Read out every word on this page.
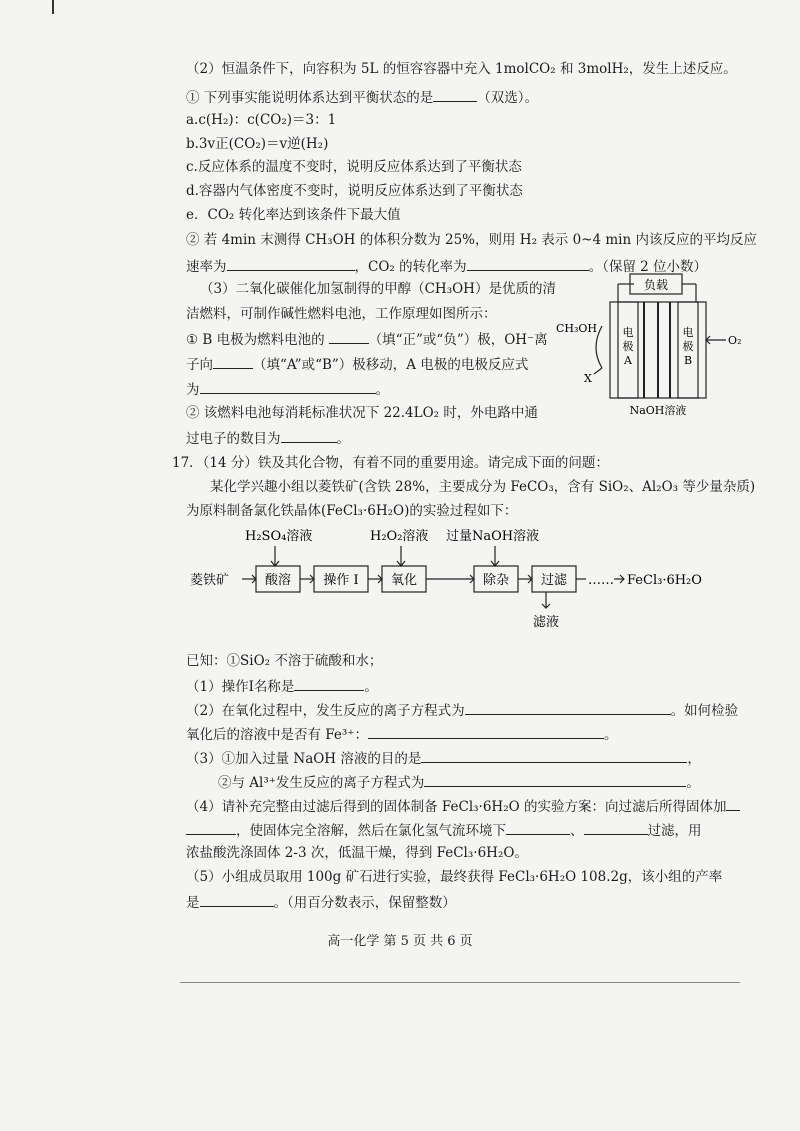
（2）恒温条件下，向容积为 5L 的恒容容器中充入 1molCO₂ 和 3molH₂，发生上述反应。
① 下列事实能说明体系达到平衡状态的是	（双选）。
a.c(H₂)：c(CO₂)＝3：1
b.3v正(CO₂)＝v逆(H₂)
c.反应体系的温度不变时，说明反应体系达到了平衡状态
d.容器内气体密度不变时，说明反应体系达到了平衡状态
e．CO₂ 转化率达到该条件下最大值
② 若 4min 末测得 CH₃OH 的体积分数为 25%，则用 H₂ 表示 0~4 min 内该反应的平均反应
速率为	，CO₂ 的转化率为	。（保留 2 位小数）
（3）二氧化碳催化加氢制得的甲醇（CH₃OH）是优质的清
洁燃料，可制作碱性燃料电池，工作原理如图所示：
① B 电极为燃料电池的	（填“正”或“负”）极，OH⁻离
子向	（填“A”或“B”）极移动，A 电极的电极反应式
为	。
② 该燃料电池每消耗标准状况下 22.4LO₂ 时，外电路中通
过电子的数目为	。
负载
电
极
A
电
极
B
CH₃OH
X
O₂
NaOH溶液
17．（14 分）铁及其化合物，有着不同的重要用途。请完成下面的问题：
某化学兴趣小组以菱铁矿(含铁 28%，主要成分为 FeCO₃，含有 SiO₂、Al₂O₃ 等少量杂质)
为原料制备氯化铁晶体(FeCl₃·6H₂O)的实验过程如下：
H₂SO₄溶液	H₂O₂溶液 过量NaOH溶液
菱铁矿	酸溶 操作 I 氧化	除杂 过滤 …… FeCl₃·6H₂O
滤液
已知：①SiO₂ 不溶于硫酸和水；
（1）操作Ⅰ名称是	。
（2）在氧化过程中，发生反应的离子方程式为	。如何检验
氧化后的溶液中是否有 Fe³⁺：	。
（3）①加入过量 NaOH 溶液的目的是	，
②与 Al³⁺发生反应的离子方程式为	。
（4）请补充完整由过滤后得到的固体制备 FeCl₃·6H₂O 的实验方案：向过滤后所得固体加
，使固体完全溶解，然后在氯化氢气流环境下	、	过滤，用
浓盐酸洗涤固体 2-3 次，低温干燥，得到 FeCl₃·6H₂O。
（5）小组成员取用 100g 矿石进行实验，最终获得 FeCl₃·6H₂O 108.2g，该小组的产率
是	。（用百分数表示，保留整数）
高一化学 第 5 页 共 6 页
